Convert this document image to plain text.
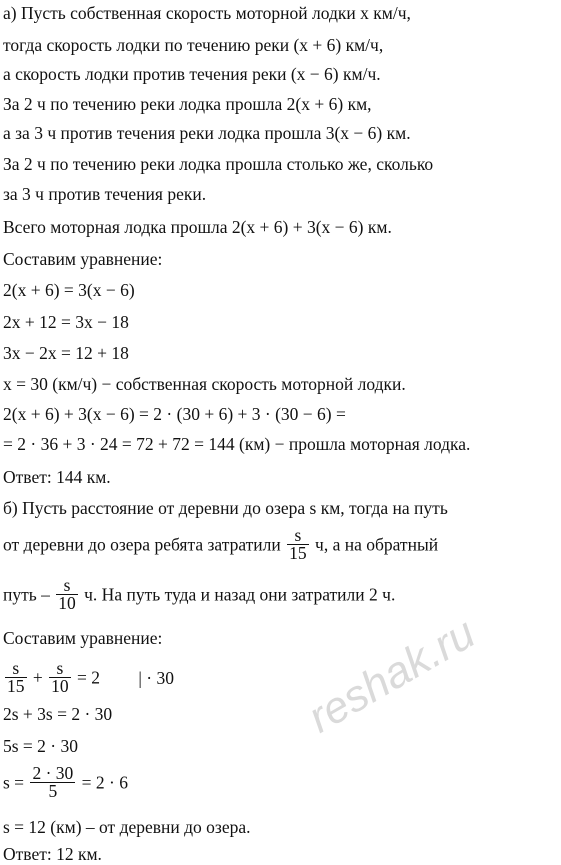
а) Пусть собственная скорость моторной лодки x км/ч,
тогда скорость лодки по течению реки (x + 6) км/ч,
а скорость лодки против течения реки (x − 6) км/ч.
За 2 ч по течению реки лодка прошла 2(x + 6) км,
а за 3 ч против течения реки лодка прошла 3(x − 6) км.
За 2 ч по течению реки лодка прошла столько же, сколько
за 3 ч против течения реки.
Всего моторная лодка прошла 2(x + 6) + 3(x − 6) км.
Составим уравнение:
2(x + 6) = 3(x − 6)
2x + 12 = 3x − 18
3x − 2x = 12 + 18
x = 30 (км/ч) − собственная скорость моторной лодки.
2(x + 6) + 3(x − 6) = 2 · (30 + 6) + 3 · (30 − 6) =
= 2 · 36 + 3 · 24 = 72 + 72 = 144 (км) − прошла моторная лодка.
Ответ: 144 км.
б) Пусть расстояние от деревни до озера s км, тогда на путь
от деревни до озера ребята затратили $\frac{s}{15} ч$, а на обратный
путь – $\frac{s}{10} ч$. На путь туда и назад они затратили 2 ч.
Составим уравнение:
$\frac{s}{15} + \frac{s}{10} = 2$ | · 30
2s + 3s = 2 · 30
5s = 2 · 30
$s = \frac{2 \cdot 30}{5} = 2 \cdot 6$
s = 12 (км) – от деревни до озера.
Ответ: 12 км.
reshak.ru
